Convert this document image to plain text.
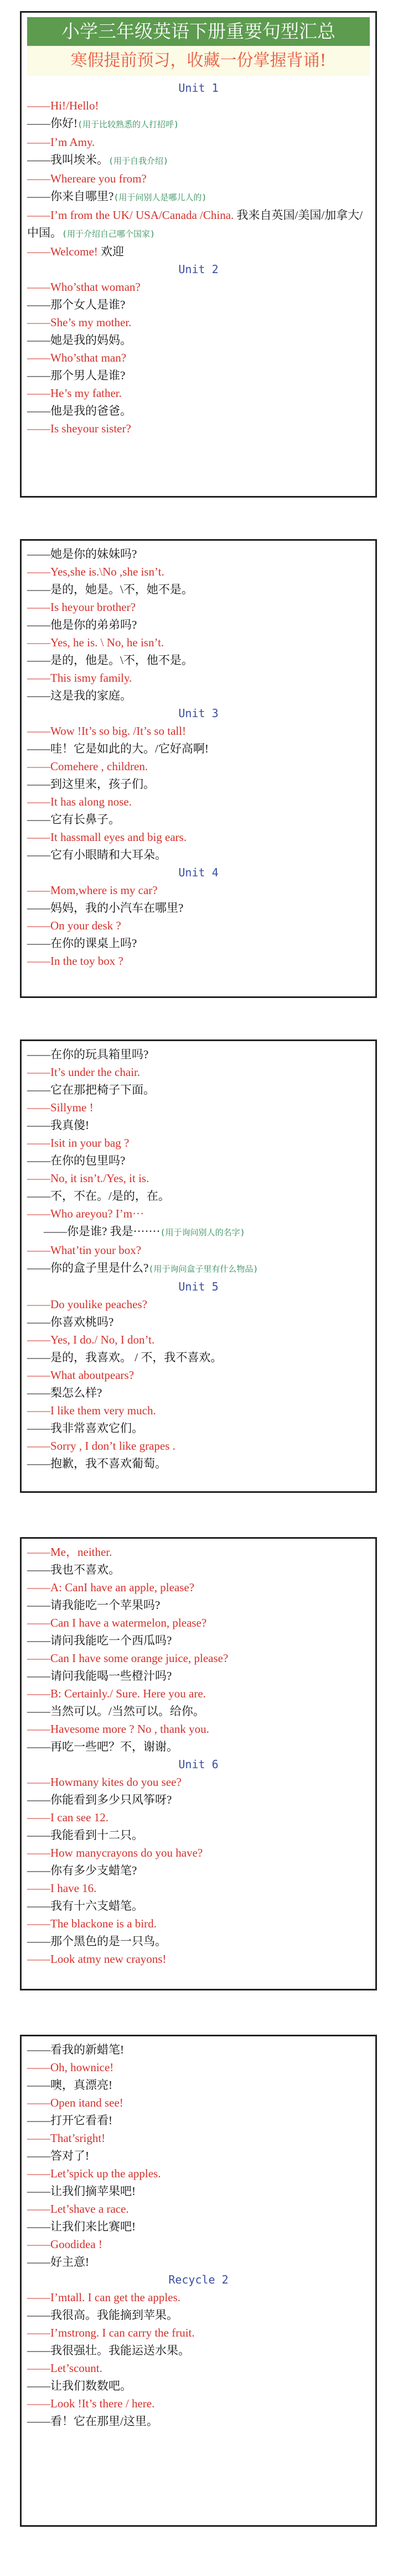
小学三年级英语下册重要句型汇总
寒假提前预习，收藏一份掌握背诵!
Unit 1
——Hi!/Hello!
——你好!(用于比较熟悉的人打招呼)
——I’m Amy.
——我叫埃米。(用于自我介绍)
——Whereare you from?
——你来自哪里?(用于问别人是哪儿人的)
——I’m from the UK/ USA/Canada /China. 我来自英国/美国/加拿大/中国。(用于介绍自己哪个国家)
——Welcome! 欢迎
Unit 2
——Who’sthat woman?
——那个女人是谁?
——She’s my mother.
——她是我的妈妈。
——Who’sthat man?
——那个男人是谁?
——He’s my father.
——他是我的爸爸。
——Is sheyour sister?
——她是你的妹妹吗?
——Yes,she is.\No ,she isn’t.
——是的，她是。\不，她不是。
——Is heyour brother?
——他是你的弟弟吗?
——Yes, he is. \ No, he isn’t.
——是的，他是。\不，他不是。
——This ismy family.
——这是我的家庭。
Unit 3
——Wow !It’s so big. /It’s so tall!
——哇！它是如此的大。/它好高啊!
——Comehere , children.
——到这里来，孩子们。
——It has along nose.
——它有长鼻子。
——It hassmall eyes and big ears.
——它有小眼睛和大耳朵。
Unit 4
——Mom,where is my car?
——妈妈，我的小汽车在哪里?
——On your desk ?
——在你的课桌上吗?
——In the toy box ?
——在你的玩具箱里吗?
——It’s under the chair.
——它在那把椅子下面。
——Sillyme !
——我真傻!
——Isit in your bag ?
——在你的包里吗?
——No, it isn’t./Yes, it is.
——不，不在。/是的，在。
——Who areyou? I’m···
——你是谁? 我是·······(用于询问别人的名字)
——What’tin your box?
——你的盒子里是什么?(用于询问盒子里有什么物品)
Unit 5
——Do youlike peaches?
——你喜欢桃吗?
——Yes, I do./ No, I don’t.
——是的，我喜欢。 / 不，我不喜欢。
——What aboutpears?
——梨怎么样?
——I like them very much.
——我非常喜欢它们。
——Sorry , I don’t like grapes .
——抱歉，我不喜欢葡萄。
——Me，neither.
——我也不喜欢。
——A: CanI have an apple, please?
——请我能吃一个苹果吗?
——Can I have a watermelon, please?
——请问我能吃一个西瓜吗?
——Can I have some orange juice, please?
——请问我能喝一些橙汁吗?
——B: Certainly./ Sure. Here you are.
——当然可以。/当然可以。给你。
——Havesome more ? No , thank you.
——再吃一些吧？不，谢谢。
Unit 6
——Howmany kites do you see?
——你能看到多少只风筝呀?
——I can see 12.
——我能看到十二只。
——How manycrayons do you have?
——你有多少支蜡笔?
——I have 16.
——我有十六支蜡笔。
——The blackone is a bird.
——那个黑色的是一只鸟。
——Look atmy new crayons!
——看我的新蜡笔!
——Oh, hownice!
——噢，真漂亮!
——Open itand see!
——打开它看看!
——That’sright!
——答对了!
——Let’spick up the apples.
——让我们摘苹果吧!
——Let’shave a race.
——让我们来比赛吧!
——Goodidea !
——好主意!
Recycle 2
——I’mtall. I can get the apples.
——我很高。我能摘到苹果。
——I’mstrong. I can carry the fruit.
——我很强壮。我能运送水果。
——Let’scount.
——让我们数数吧。
——Look !It’s there / here.
——看！它在那里/这里。
